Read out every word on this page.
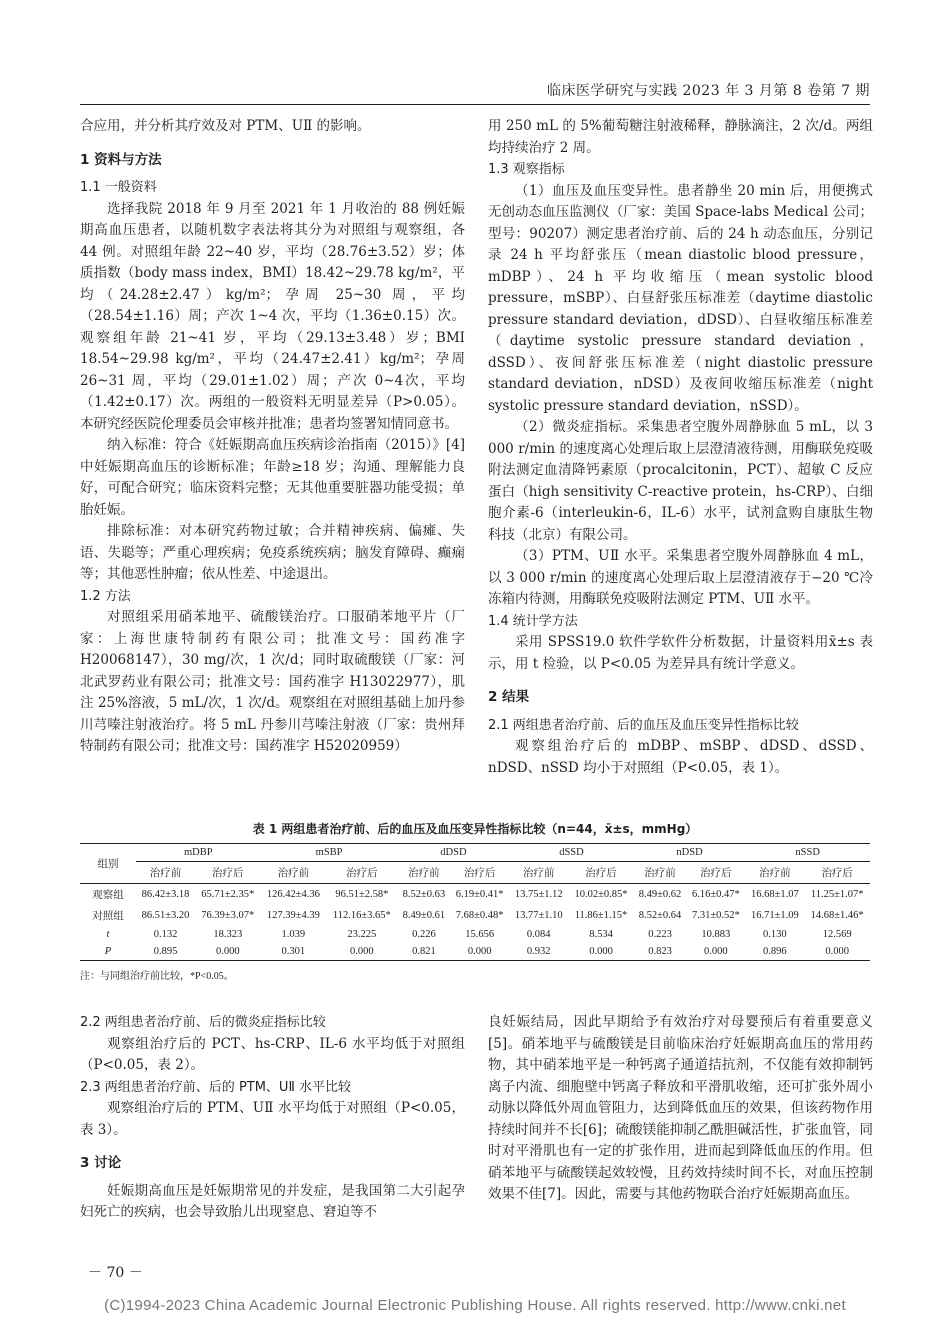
临床医学研究与实践 2023 年 3 月第 8 卷第 7 期

合应用，并分析其疗效及对 PTM、UⅡ 的影响。

1 资料与方法

1.1 一般资料

选择我院 2018 年 9 月至 2021 年 1 月收治的 88 例妊娠期高血压患者，以随机数字表法将其分为对照组与观察组，各 44 例。对照组年龄 22~40 岁，平均（28.76±3.52）岁；体质指数（body mass index，BMI）18.42~29.78 kg/m²，平均（24.28±2.47）kg/m²；孕周 25~30 周，平均（28.54±1.16）周；产次 1~4 次，平均（1.36±0.15）次。观察组年龄 21~41 岁，平均（29.13±3.48）岁；BMI 18.54~29.98 kg/m²，平均（24.47±2.41）kg/m²；孕周 26~31 周，平均（29.01±1.02）周；产次 0~4次，平均（1.42±0.17）次。两组的一般资料无明显差异（P>0.05）。本研究经医院伦理委员会审核并批准；患者均签署知情同意书。

纳入标准：符合《妊娠期高血压疾病诊治指南（2015）》[4]中妊娠期高血压的诊断标准；年龄≥18 岁；沟通、理解能力良好，可配合研究；临床资料完整；无其他重要脏器功能受损；单胎妊娠。

排除标准：对本研究药物过敏；合并精神疾病、偏瘫、失语、失聪等；严重心理疾病；免疫系统疾病；脑发育障碍、癫痫等；其他恶性肿瘤；依从性差、中途退出。

1.2 方法

对照组采用硝苯地平、硫酸镁治疗。口服硝苯地平片（厂家：上海世康特制药有限公司；批准文号：国药准字 H20068147），30 mg/次，1 次/d；同时取硫酸镁（厂家：河北武罗药业有限公司；批准文号：国药准字 H13022977），肌注 25%溶液，5 mL/次，1 次/d。观察组在对照组基础上加丹参川芎嗪注射液治疗。将 5 mL 丹参川芎嗪注射液（厂家：贵州拜特制药有限公司；批准文号：国药准字 H52020959）

用 250 mL 的 5%葡萄糖注射液稀释，静脉滴注，2 次/d。两组均持续治疗 2 周。

1.3 观察指标

（1）血压及血压变异性。患者静坐 20 min 后，用便携式无创动态血压监测仪（厂家：美国 Space-labs Medical 公司；型号：90207）测定患者治疗前、后的 24 h 动态血压，分别记录 24 h 平均舒张压（mean diastolic blood pressure，mDBP）、24 h 平均收缩压（mean systolic blood pressure，mSBP）、白昼舒张压标准差（daytime diastolic pressure standard deviation，dDSD）、白昼收缩压标准差（daytime systolic pressure standard deviation，dSSD）、夜间舒张压标准差（night diastolic pressure standard deviation，nDSD）及夜间收缩压标准差（night systolic pressure standard deviation，nSSD）。

（2）微炎症指标。采集患者空腹外周静脉血 5 mL，以 3 000 r/min 的速度离心处理后取上层澄清液待测，用酶联免疫吸附法测定血清降钙素原（procalcitonin，PCT）、超敏 C 反应蛋白（high sensitivity C-reactive protein，hs-CRP）、白细胞介素-6（interleukin-6，IL-6）水平，试剂盒购自康肽生物科技（北京）有限公司。

（3）PTM、UⅡ 水平。采集患者空腹外周静脉血 4 mL，以 3 000 r/min 的速度离心处理后取上层澄清液存于−20 ℃冷冻箱内待测，用酶联免疫吸附法测定 PTM、UⅡ 水平。

1.4 统计学方法

采用 SPSS19.0 软件学软件分析数据，计量资料用x̄±s 表示，用 t 检验，以 P<0.05 为差异具有统计学意义。

2 结果

2.1 两组患者治疗前、后的血压及血压变异性指标比较

观察组治疗后的 mDBP、mSBP、dDSD、dSSD、nDSD、nSSD 均小于对照组（P<0.05，表 1）。

表 1 两组患者治疗前、后的血压及血压变异性指标比较（n=44，x̄±s，mmHg）
组别	mDBP		mSBP		dDSD		dSSD		nDSD		nSSD	
	治疗前	治疗后	治疗前	治疗后	治疗前	治疗后	治疗前	治疗后	治疗前	治疗后	治疗前	治疗后
观察组	86.42±3.18	65.71±2.35*	126.42±4.36	96.51±2.58*	8.52±0.63	6.19±0.41*	13.75±1.12	10.02±0.85*	8.49±0.62	6.16±0.47*	16.68±1.07	11.25±1.07*
对照组	86.51±3.20	76.39±3.07*	127.39±4.39	112.16±3.65*	8.49±0.61	7.68±0.48*	13.77±1.10	11.86±1.15*	8.52±0.64	7.31±0.52*	16.71±1.09	14.68±1.46*
t	0.132	18.323	1.039	23.225	0.226	15.656	0.084	8.534	0.223	10.883	0.130	12.569
P	0.895	0.000	0.301	0.000	0.821	0.000	0.932	0.000	0.823	0.000	0.896	0.000
注：与同组治疗前比较，*P<0.05。

2.2 两组患者治疗前、后的微炎症指标比较

观察组治疗后的 PCT、hs-CRP、IL-6 水平均低于对照组（P<0.05，表 2）。

2.3 两组患者治疗前、后的 PTM、UⅡ 水平比较

观察组治疗后的 PTM、UⅡ 水平均低于对照组（P<0.05，表 3）。

3 讨论

妊娠期高血压是妊娠期常见的并发症，是我国第二大引起孕妇死亡的疾病，也会导致胎儿出现窒息、窘迫等不

良妊娠结局，因此早期给予有效治疗对母婴预后有着重要意义[5]。硝苯地平与硫酸镁是目前临床治疗妊娠期高血压的常用药物，其中硝苯地平是一种钙离子通道拮抗剂，不仅能有效抑制钙离子内流、细胞壁中钙离子释放和平滑肌收缩，还可扩张外周小动脉以降低外周血管阻力，达到降低血压的效果，但该药物作用持续时间并不长[6]；硫酸镁能抑制乙酰胆碱活性，扩张血管，同时对平滑肌也有一定的扩张作用，进而起到降低血压的作用。但硝苯地平与硫酸镁起效较慢，且药效持续时间不长，对血压控制效果不佳[7]。因此，需要与其他药物联合治疗妊娠期高血压。

－ 70 －
(C)1994-2023 China Academic Journal Electronic Publishing House. All rights reserved. http://www.cnki.net
